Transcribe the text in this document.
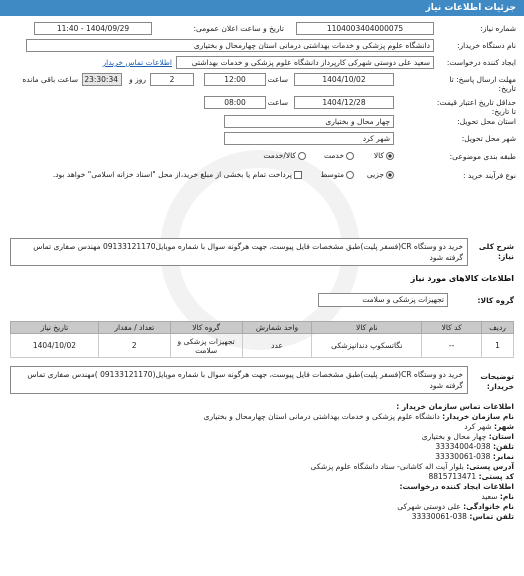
جزئیات اطلاعات نیاز
شماره نیاز:
1104003404000075
تاریخ و ساعت اعلان عمومی:
1404/09/29 - 11:40
نام دستگاه خریدار:
دانشگاه علوم پزشکی و خدمات بهداشتی درمانی استان چهارمحال و بختیاری
ایجاد کننده درخواست:
سعید علی دوستی شهرکی کارپرداز دانشگاه علوم پزشکی و خدمات بهداشتی
اطلاعات تماس خریدار
مهلت ارسال پاسخ: تا تاریخ:
1404/10/02
ساعت
12:00
2
روز و
23:30:34
ساعت باقی مانده
حداقل تاریخ اعتبار قیمت: تا تاریخ:
1404/12/28
ساعت
08:00
استان محل تحویل:
چهار محال و بختیاری
شهر محل تحویل:
شهر کرد
طبقه بندی موضوعی:
کالا
خدمت
کالا/خدمت
نوع فرآیند خرید :
جزیی
متوسط
پرداخت تمام یا بخشی از مبلغ خرید،از محل "اسناد خزانه اسلامی" خواهد بود.
شرح کلی نیاز:
خرید دو وستگاه CR(فسفر پلیت)طبق مشخصات فایل پیوست، جهت هرگونه سوال با شماره موبایل09133121170 مهندس صفاری تماس گرفته شود
اطلاعات کالاهای مورد نیاز
گروه کالا:
تجهیزات پزشکی و سلامت
ردیف	کد کالا	نام کالا	واحد شمارش	گروه کالا	تعداد / مقدار	تاریخ نیاز
1	--	نگاتسکوپ دندانپزشکی	عدد	تجهیزات پزشکی و سلامت	2	1404/10/02
توضیحات خریدار:
خرید دو وستگاه CR(فسفر پلیت)طبق مشخصات فایل پیوست، جهت هرگونه سوال با شماره موبایل(09133121170 )مهندس صفاری تماس گرفته شود
اطلاعات تماس سازمان خریدار :
نام سازمان خریدار: دانشگاه علوم پزشکی و خدمات بهداشتی درمانی استان چهارمحال و بختیاری
شهر: شهر کرد
استان: چهار محال و بختیاری
تلفن: 038-33334004
نمابر: 038-33330061
آدرس پستی: بلوار آیت اله کاشانی- ستاد دانشگاه علوم پزشکی
کد پستی: 8815713471
اطلاعات ایجاد کننده درخواست:
نام: سعید
نام خانوادگی: علی دوستی شهرکی
تلفن تماس: 038-33330061
